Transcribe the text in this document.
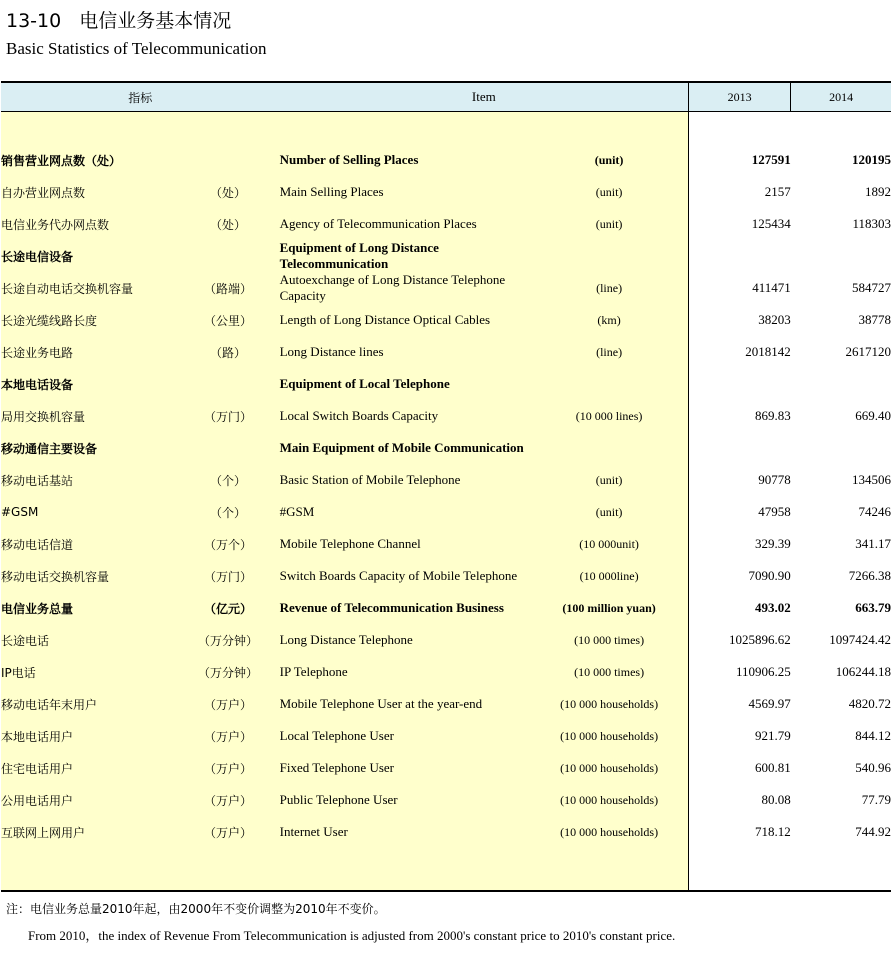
13-10 电信业务基本情况
Basic Statistics of Telecommunication
指标		Item		2013	2014

销售营业网点数（处）		Number of Selling Places	(unit)	127591	120195
自办营业网点数	（处）	Main Selling Places	(unit)	2157	1892
电信业务代办网点数	（处）	Agency of Telecommunication Places	(unit)	125434	118303
长途电信设备		Equipment of Long Distance Telecommunication			
长途自动电话交换机容量	（路端）	Autoexchange of Long Distance Telephone Capacity	(line)	411471	584727
长途光缆线路长度	（公里）	Length of Long Distance Optical Cables	(km)	38203	38778
长途业务电路	（路）	Long Distance lines	(line)	2018142	2617120
本地电话设备		Equipment of Local Telephone			
局用交换机容量	（万门）	Local Switch Boards Capacity	(10 000 lines)	869.83	669.40
移动通信主要设备		Main Equipment of Mobile Communication			
移动电话基站	（个）	Basic Station of Mobile Telephone	(unit)	90778	134506
#GSM	（个）	#GSM	(unit)	47958	74246
移动电话信道	（万个）	Mobile Telephone Channel	(10 000unit)	329.39	341.17
移动电话交换机容量	（万门）	Switch Boards Capacity of Mobile Telephone	(10 000line)	7090.90	7266.38
电信业务总量	（亿元）	Revenue of Telecommunication Business	(100 million yuan)	493.02	663.79
长途电话	（万分钟）	Long Distance Telephone	(10 000 times)	1025896.62	1097424.42
IP电话	（万分钟）	IP Telephone	(10 000 times)	110906.25	106244.18
移动电话年末用户	（万户）	Mobile Telephone User at the year-end	(10 000 households)	4569.97	4820.72
本地电话用户	（万户）	Local Telephone User	(10 000 households)	921.79	844.12
住宅电话用户	（万户）	Fixed Telephone User	(10 000 households)	600.81	540.96
公用电话用户	（万户）	Public Telephone User	(10 000 households)	80.08	77.79
互联网上网用户	（万户）	Internet User	(10 000 households)	718.12	744.92

注：电信业务总量2010年起，由2000年不变价调整为2010年不变价。
From 2010，the index of Revenue From Telecommunication is adjusted from 2000's constant price to 2010's constant price.
